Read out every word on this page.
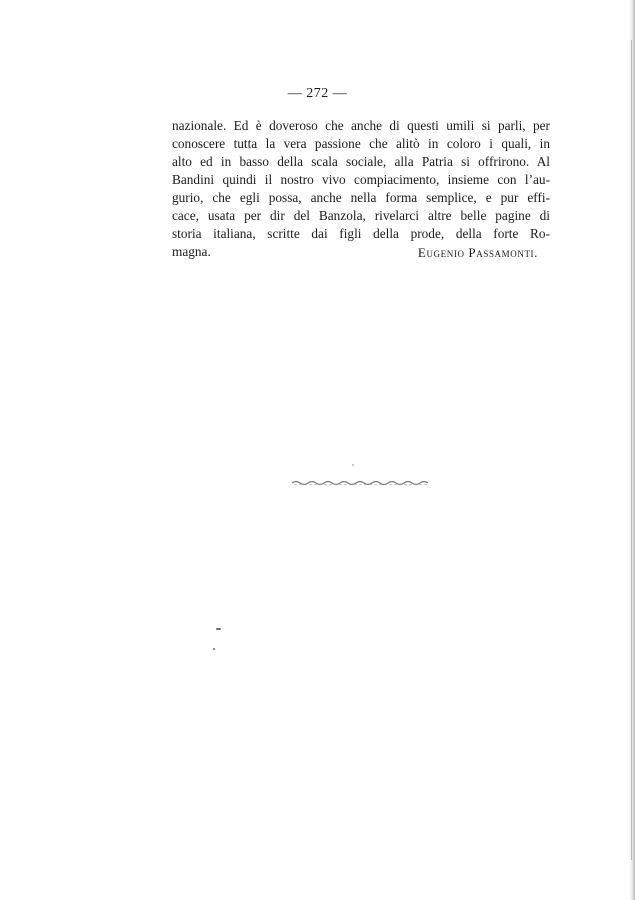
— 272 —

nazionale. Ed è doveroso che anche di questi umili si parli, per
conoscere tutta la vera passione che alitò in coloro i quali, in
alto ed in basso della scala sociale, alla Patria si offrirono. Al
Bandini quindi il nostro vivo compiacimento, insieme con l’au-
gurio, che egli possa, anche nella forma semplice, e pur effi-
cace, usata per dir del Banzola, rivelarci altre belle pagine di
storia italiana, scritte dai figli della prode, della forte Ro-
magna.	Eugenio Passamonti.
